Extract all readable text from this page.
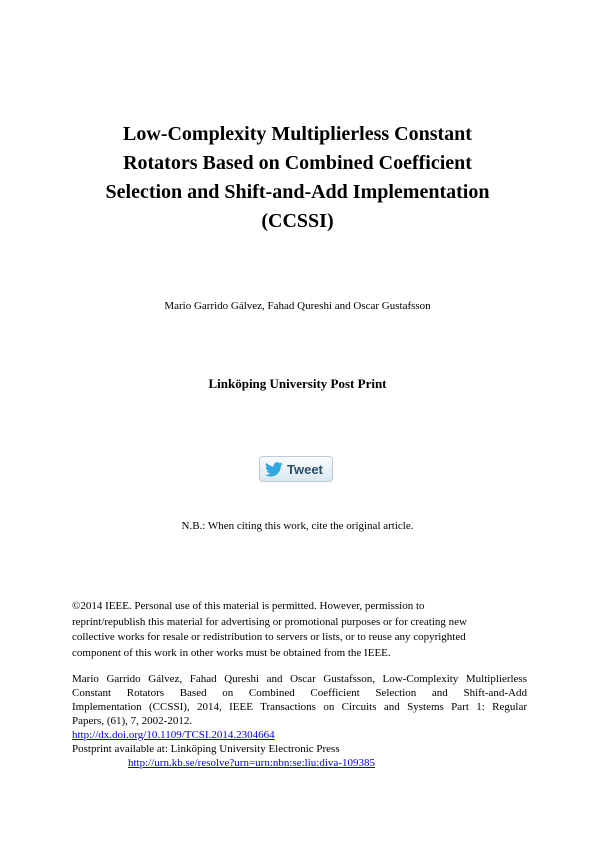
Low-Complexity Multiplierless Constant
Rotators Based on Combined Coefficient
Selection and Shift-and-Add Implementation
(CCSSI)
Mario Garrido Gálvez, Fahad Qureshi and Oscar Gustafsson
Linköping University Post Print
Tweet
N.B.: When citing this work, cite the original article.
©2014 IEEE. Personal use of this material is permitted. However, permission to
reprint/republish this material for advertising or promotional purposes or for creating new
collective works for resale or redistribution to servers or lists, or to reuse any copyrighted
component of this work in other works must be obtained from the IEEE.
Mario Garrido Gálvez, Fahad Qureshi and Oscar Gustafsson, Low-Complexity Multiplierless
Constant Rotators Based on Combined Coefficient Selection and Shift-and-Add
Implementation (CCSSI), 2014, IEEE Transactions on Circuits and Systems Part 1: Regular
Papers, (61), 7, 2002-2012.
http://dx.doi.org/10.1109/TCSI.2014.2304664
Postprint available at: Linköping University Electronic Press
http://urn.kb.se/resolve?urn=urn:nbn:se:liu:diva-109385
